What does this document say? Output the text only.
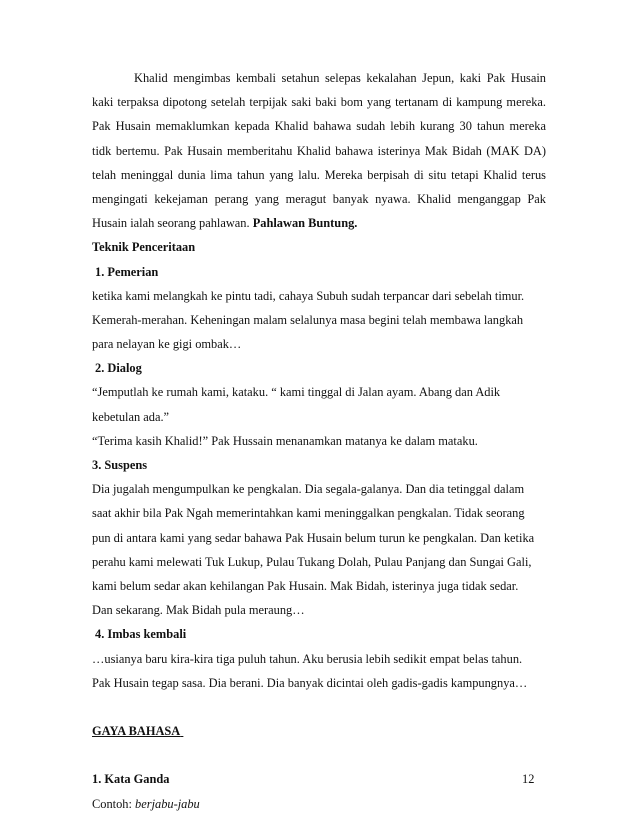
Khalid mengimbas kembali setahun selepas kekalahan Jepun, kaki Pak Husain
kaki terpaksa dipotong setelah terpijak saki baki bom yang tertanam di kampung mereka.
Pak Husain memaklumkan kepada Khalid bahawa sudah lebih kurang 30 tahun mereka
tidk bertemu. Pak Husain memberitahu Khalid bahawa isterinya Mak Bidah (MAK DA)
telah meninggal dunia lima tahun yang lalu. Mereka berpisah di situ tetapi Khalid terus
mengingati kekejaman perang yang meragut banyak nyawa. Khalid menganggap Pak
Husain ialah seorang pahlawan. Pahlawan Buntung.
Teknik Penceritaan
1. Pemerian
ketika kami melangkah ke pintu tadi, cahaya Subuh sudah terpancar dari sebelah timur.
Kemerah-merahan. Keheningan malam selalunya masa begini telah membawa langkah
para nelayan ke gigi ombak…
2. Dialog
“Jemputlah ke rumah kami, kataku. “ kami tinggal di Jalan ayam. Abang dan Adik
kebetulan ada.”
“Terima kasih Khalid!” Pak Hussain menanamkan matanya ke dalam mataku.
3. Suspens
Dia jugalah mengumpulkan ke pengkalan. Dia segala-galanya. Dan dia tetinggal dalam
saat akhir bila Pak Ngah memerintahkan kami meninggalkan pengkalan. Tidak seorang
pun di antara kami yang sedar bahawa Pak Husain belum turun ke pengkalan. Dan ketika
perahu kami melewati Tuk Lukup, Pulau Tukang Dolah, Pulau Panjang dan Sungai Gali,
kami belum sedar akan kehilangan Pak Husain. Mak Bidah, isterinya juga tidak sedar.
Dan sekarang. Mak Bidah pula meraung…
4. Imbas kembali
…usianya baru kira-kira tiga puluh tahun. Aku berusia lebih sedikit empat belas tahun.
Pak Husain tegap sasa. Dia berani. Dia banyak dicintai oleh gadis-gadis kampungnya…
GAYA BAHASA
1. Kata Ganda
Contoh: berjabu-jabu
12
